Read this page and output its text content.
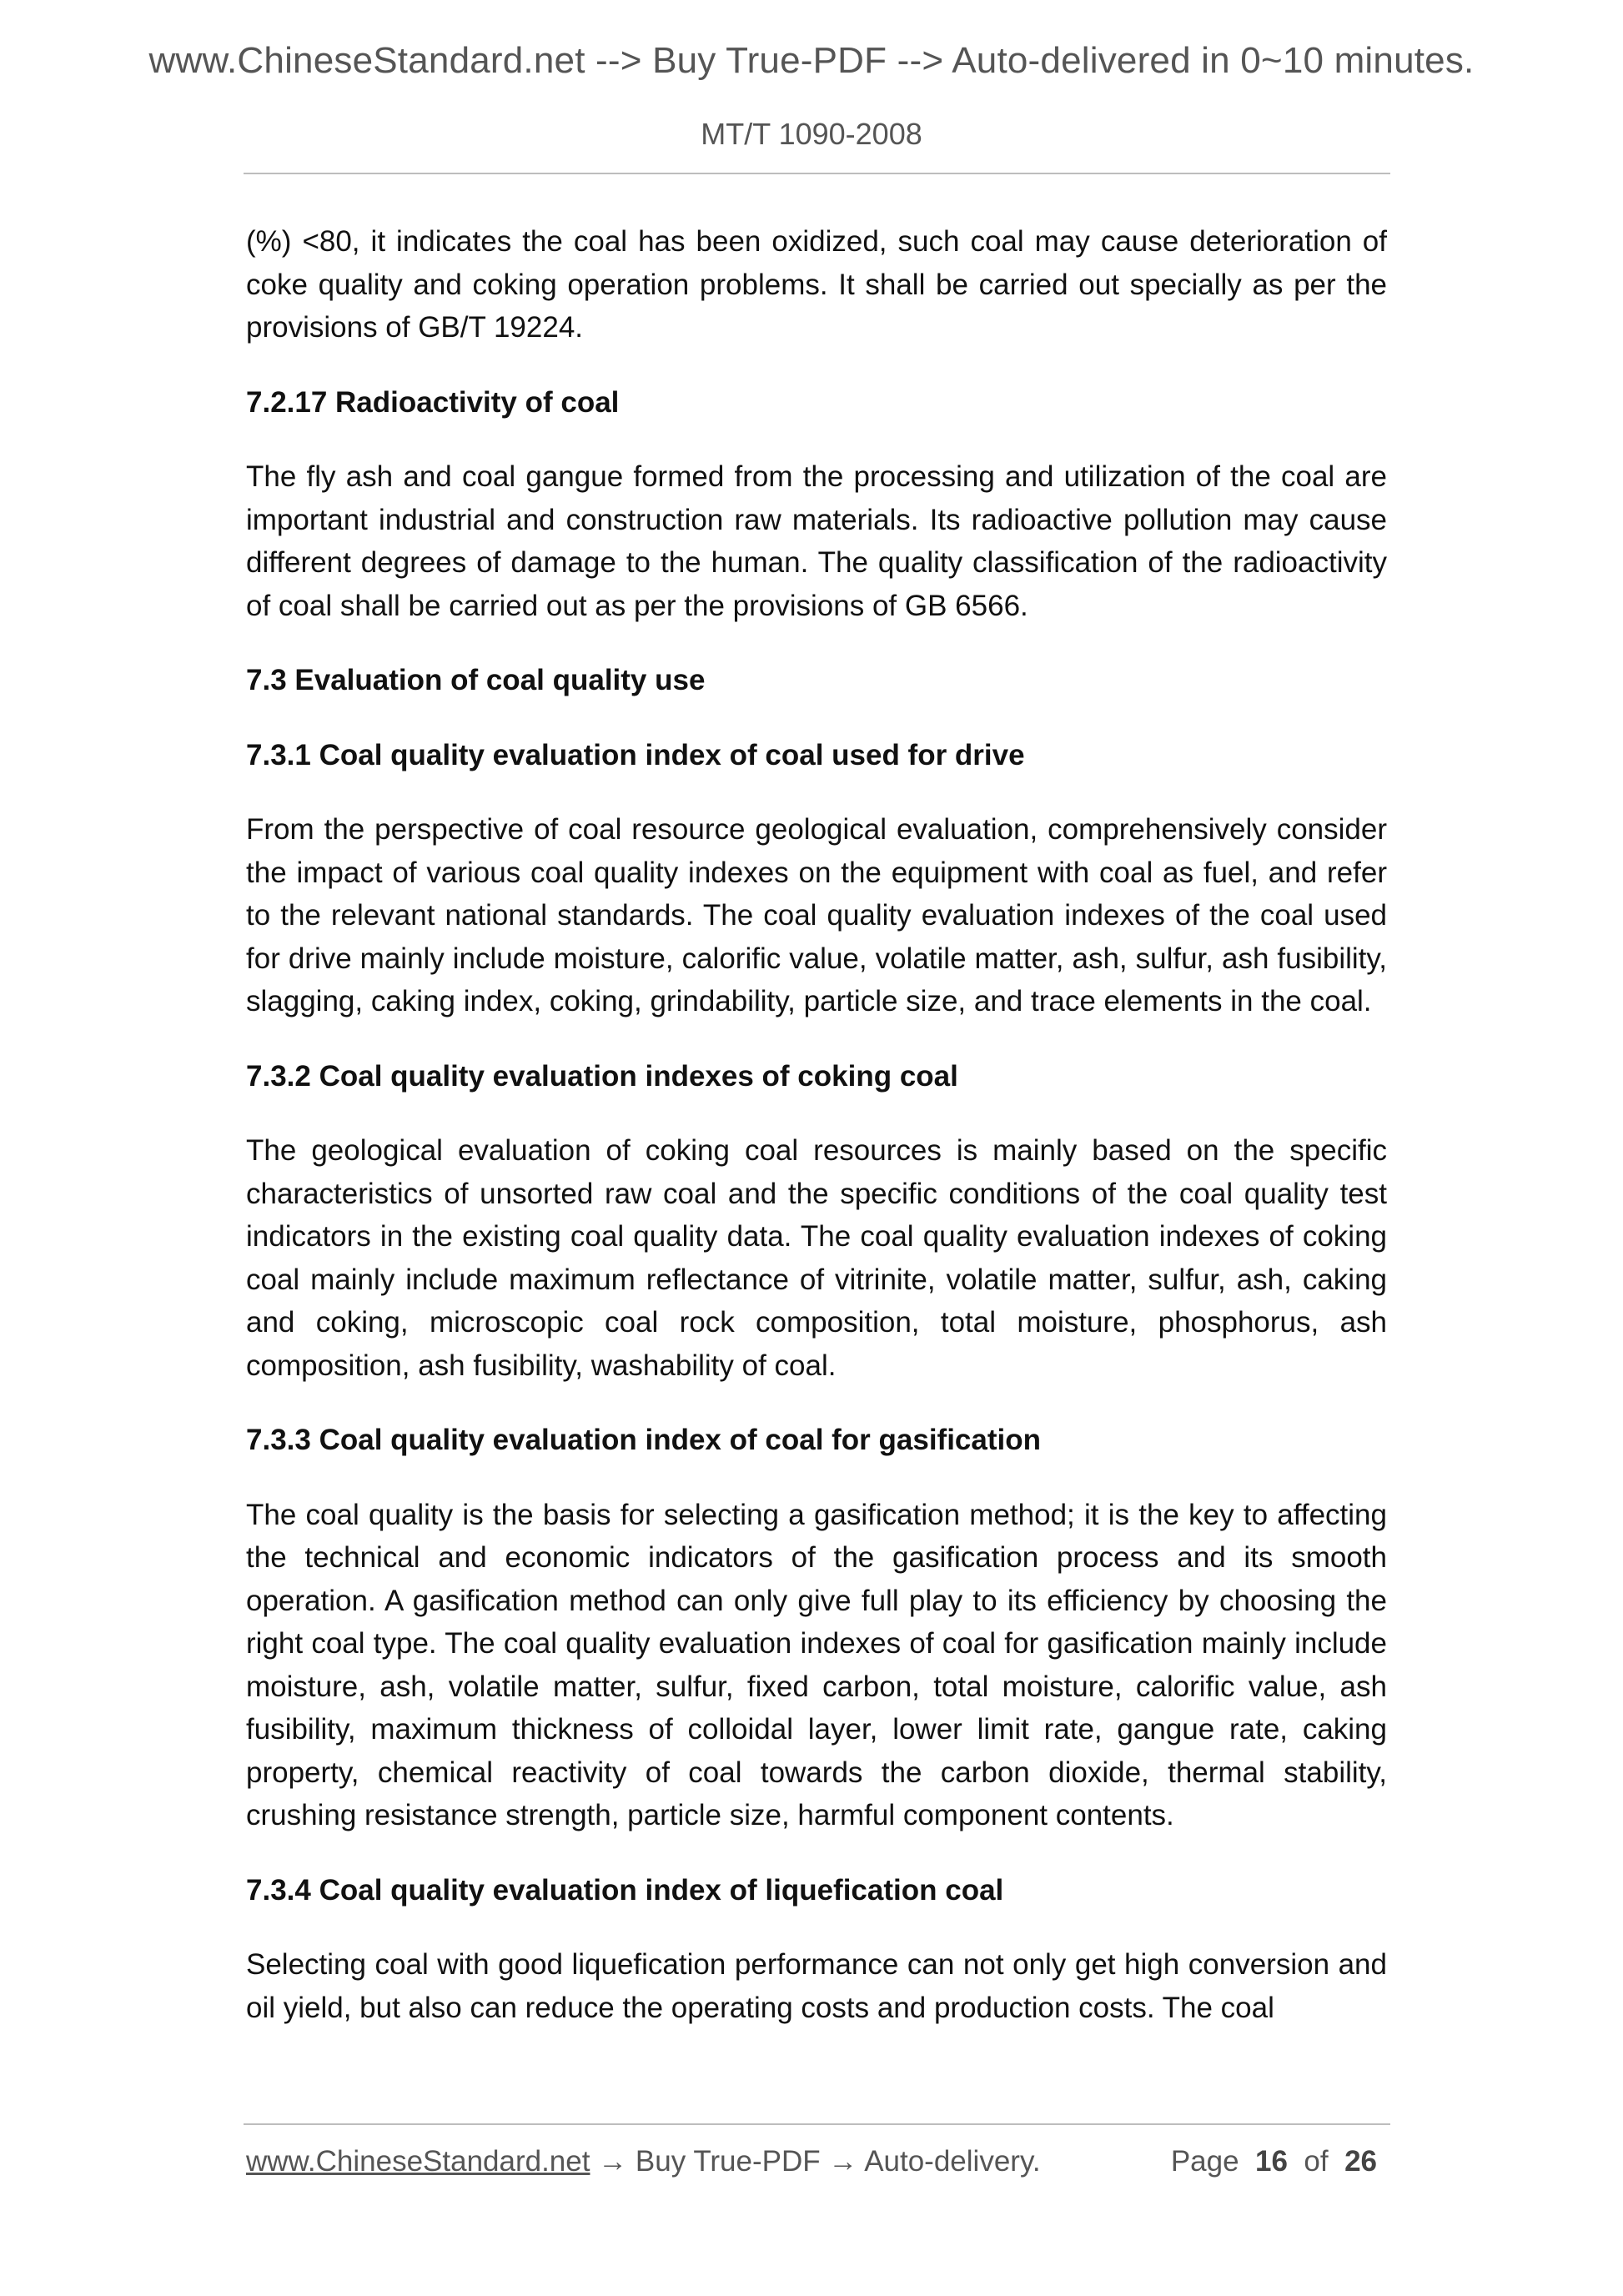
www.ChineseStandard.net --> Buy True-PDF --> Auto-delivered in 0~10 minutes.
MT/T 1090-2008

(%) <80, it indicates the coal has been oxidized, such coal may cause deterioration of coke quality and coking operation problems. It shall be carried out specially as per the provisions of GB/T 19224.

7.2.17 Radioactivity of coal

The fly ash and coal gangue formed from the processing and utilization of the coal are important industrial and construction raw materials. Its radioactive pollution may cause different degrees of damage to the human. The quality classification of the radioactivity of coal shall be carried out as per the provisions of GB 6566.

7.3 Evaluation of coal quality use

7.3.1 Coal quality evaluation index of coal used for drive

From the perspective of coal resource geological evaluation, comprehensively consider the impact of various coal quality indexes on the equipment with coal as fuel, and refer to the relevant national standards. The coal quality evaluation indexes of the coal used for drive mainly include moisture, calorific value, volatile matter, ash, sulfur, ash fusibility, slagging, caking index, coking, grindability, particle size, and trace elements in the coal.

7.3.2 Coal quality evaluation indexes of coking coal

The geological evaluation of coking coal resources is mainly based on the specific characteristics of unsorted raw coal and the specific conditions of the coal quality test indicators in the existing coal quality data. The coal quality evaluation indexes of coking coal mainly include maximum reflectance of vitrinite, volatile matter, sulfur, ash, caking and coking, microscopic coal rock composition, total moisture, phosphorus, ash composition, ash fusibility, washability of coal.

7.3.3 Coal quality evaluation index of coal for gasification

The coal quality is the basis for selecting a gasification method; it is the key to affecting the technical and economic indicators of the gasification process and its smooth operation. A gasification method can only give full play to its efficiency by choosing the right coal type. The coal quality evaluation indexes of coal for gasification mainly include moisture, ash, volatile matter, sulfur, fixed carbon, total moisture, calorific value, ash fusibility, maximum thickness of colloidal layer, lower limit rate, gangue rate, caking property, chemical reactivity of coal towards the carbon dioxide, thermal stability, crushing resistance strength, particle size, harmful component contents.

7.3.4 Coal quality evaluation index of liquefication coal

Selecting coal with good liquefication performance can not only get high conversion and oil yield, but also can reduce the operating costs and production costs. The coal

www.ChineseStandard.net → Buy True-PDF → Auto-delivery.	Page 16 of 26
